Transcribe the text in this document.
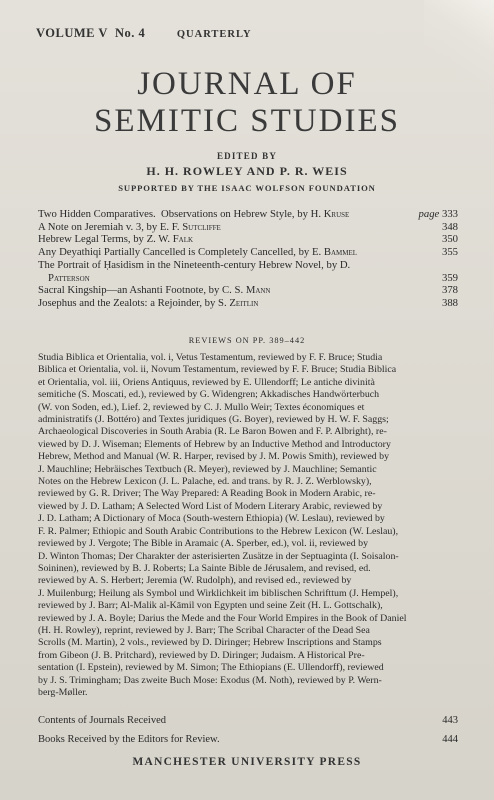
VOLUME V  No. 4	QUARTERLY
JOURNAL OF
SEMITIC STUDIES
EDITED BY
H. H. ROWLEY AND P. R. WEIS
SUPPORTED BY THE ISAAC WOLFSON FOUNDATION
Two Hidden Comparatives.  Observations on Hebrew Style, by H. Kruse	page 333
A Note on Jeremiah v. 3, by E. F. Sutcliffe	348
Hebrew Legal Terms, by Z. W. Falk	350
Any Deyathiqi Partially Cancelled is Completely Cancelled, by E. Bammel	355
The Portrait of Ḥasidism in the Nineteenth-century Hebrew Novel, by D.
Patterson	359
Sacral Kingship—an Ashanti Footnote, by C. S. Mann	378
Josephus and the Zealots: a Rejoinder, by S. Zeitlin	388
REVIEWS ON PP. 389–442
Studia Biblica et Orientalia, vol. i, Vetus Testamentum, reviewed by F. F. Bruce; Studia
Biblica et Orientalia, vol. ii, Novum Testamentum, reviewed by F. F. Bruce; Studia Biblica
et Orientalia, vol. iii, Oriens Antiquus, reviewed by E. Ullendorff; Le antiche divinità
semitiche (S. Moscati, ed.), reviewed by G. Widengren; Akkadisches Handwörterbuch
(W. von Soden, ed.), Lief. 2, reviewed by C. J. Mullo Weir; Textes économiques et
administratifs (J. Bottéro) and Textes juridiques (G. Boyer), reviewed by H. W. F. Saggs;
Archaeological Discoveries in South Arabia (R. Le Baron Bowen and F. P. Albright), re-
viewed by D. J. Wiseman; Elements of Hebrew by an Inductive Method and Introductory
Hebrew, Method and Manual (W. R. Harper, revised by J. M. Powis Smith), reviewed by
J. Mauchline; Hebräisches Textbuch (R. Meyer), reviewed by J. Mauchline; Semantic
Notes on the Hebrew Lexicon (J. L. Palache, ed. and trans. by R. J. Z. Werblowsky),
reviewed by G. R. Driver; The Way Prepared: A Reading Book in Modern Arabic, re-
viewed by J. D. Latham; A Selected Word List of Modern Literary Arabic, reviewed by
J. D. Latham; A Dictionary of Moca (South-western Ethiopia) (W. Leslau), reviewed by
F. R. Palmer; Ethiopic and South Arabic Contributions to the Hebrew Lexicon (W. Leslau),
reviewed by J. Vergote; The Bible in Aramaic (A. Sperber, ed.), vol. ii, reviewed by
D. Winton Thomas; Der Charakter der asterisierten Zusätze in der Septuaginta (I. Soisalon-
Soininen), reviewed by B. J. Roberts; La Sainte Bible de Jérusalem, and revised, ed.
reviewed by A. S. Herbert; Jeremia (W. Rudolph), and revised ed., reviewed by
J. Muilenburg; Heilung als Symbol und Wirklichkeit im biblischen Schrifttum (J. Hempel),
reviewed by J. Barr; Al-Malik al-Kāmil von Egypten und seine Zeit (H. L. Gottschalk),
reviewed by J. A. Boyle; Darius the Mede and the Four World Empires in the Book of Daniel
(H. H. Rowley), reprint, reviewed by J. Barr; The Scribal Character of the Dead Sea
Scrolls (M. Martin), 2 vols., reviewed by D. Diringer; Hebrew Inscriptions and Stamps
from Gibeon (J. B. Pritchard), reviewed by D. Diringer; Judaism. A Historical Pre-
sentation (I. Epstein), reviewed by M. Simon; The Ethiopians (E. Ullendorff), reviewed
by J. S. Trimingham; Das zweite Buch Mose: Exodus (M. Noth), reviewed by P. Wern-
berg-Møller.
Contents of Journals Received	443
Books Received by the Editors for Review.	444
MANCHESTER UNIVERSITY PRESS
